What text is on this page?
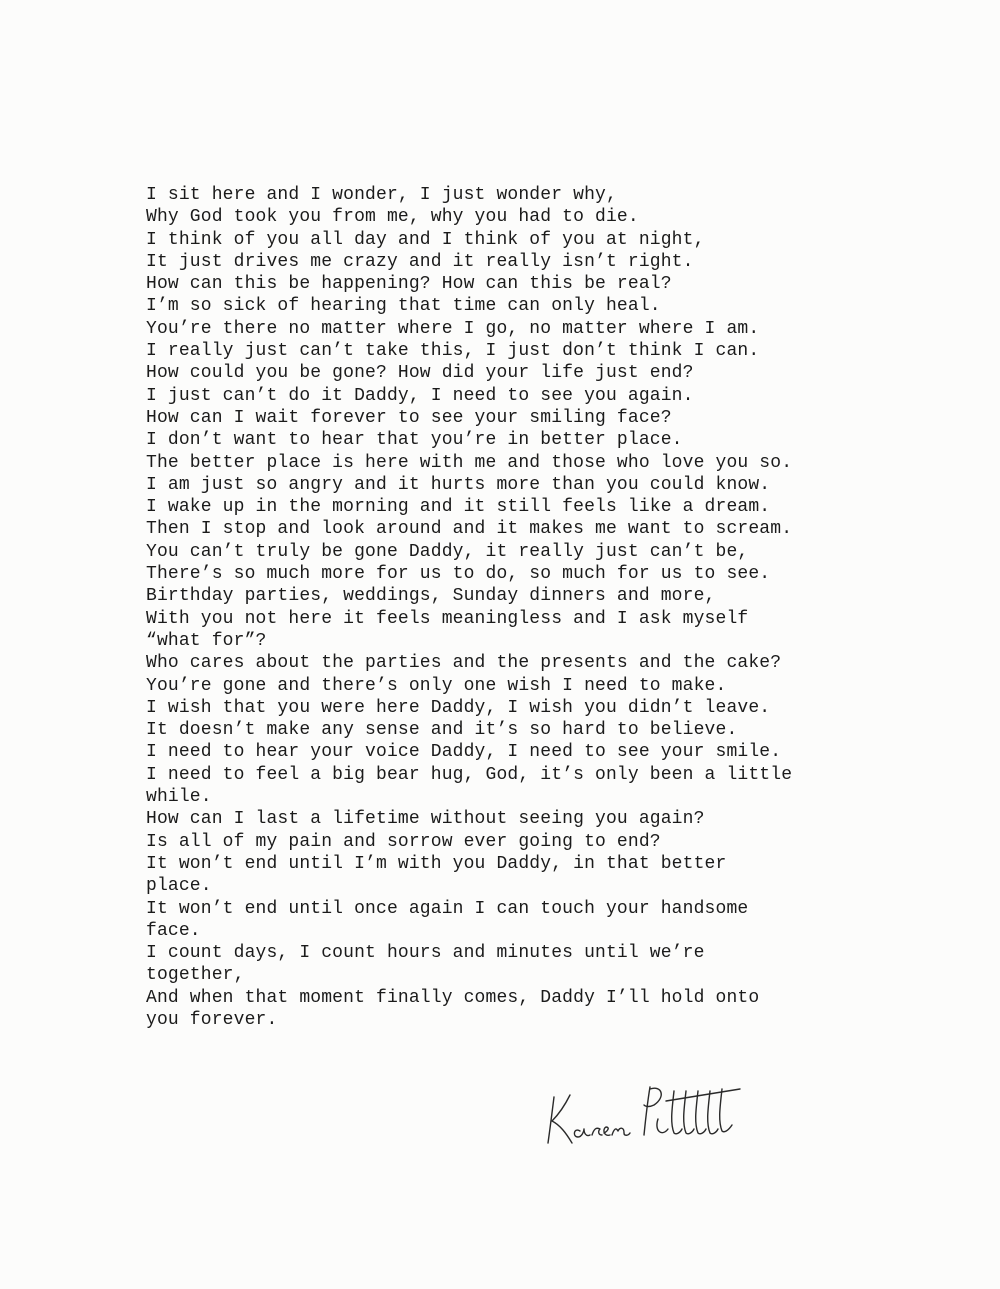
I sit here and I wonder, I just wonder why,
Why God took you from me, why you had to die.
I think of you all day and I think of you at night,
It just drives me crazy and it really isn’t right.
How can this be happening? How can this be real?
I’m so sick of hearing that time can only heal.
You’re there no matter where I go, no matter where I am.
I really just can’t take this, I just don’t think I can.
How could you be gone? How did your life just end?
I just can’t do it Daddy, I need to see you again.
How can I wait forever to see your smiling face?
I don’t want to hear that you’re in better place.
The better place is here with me and those who love you so.
I am just so angry and it hurts more than you could know.
I wake up in the morning and it still feels like a dream.
Then I stop and look around and it makes me want to scream.
You can’t truly be gone Daddy, it really just can’t be,
There’s so much more for us to do, so much for us to see.
Birthday parties, weddings, Sunday dinners and more,
With you not here it feels meaningless and I ask myself
“what for”?
Who cares about the parties and the presents and the cake?
You’re gone and there’s only one wish I need to make.
I wish that you were here Daddy, I wish you didn’t leave.
It doesn’t make any sense and it’s so hard to believe.
I need to hear your voice Daddy, I need to see your smile.
I need to feel a big bear hug, God, it’s only been a little
while.
How can I last a lifetime without seeing you again?
Is all of my pain and sorrow ever going to end?
It won’t end until I’m with you Daddy, in that better
place.
It won’t end until once again I can touch your handsome
face.
I count days, I count hours and minutes until we’re
together,
And when that moment finally comes, Daddy I’ll hold onto
you forever.
